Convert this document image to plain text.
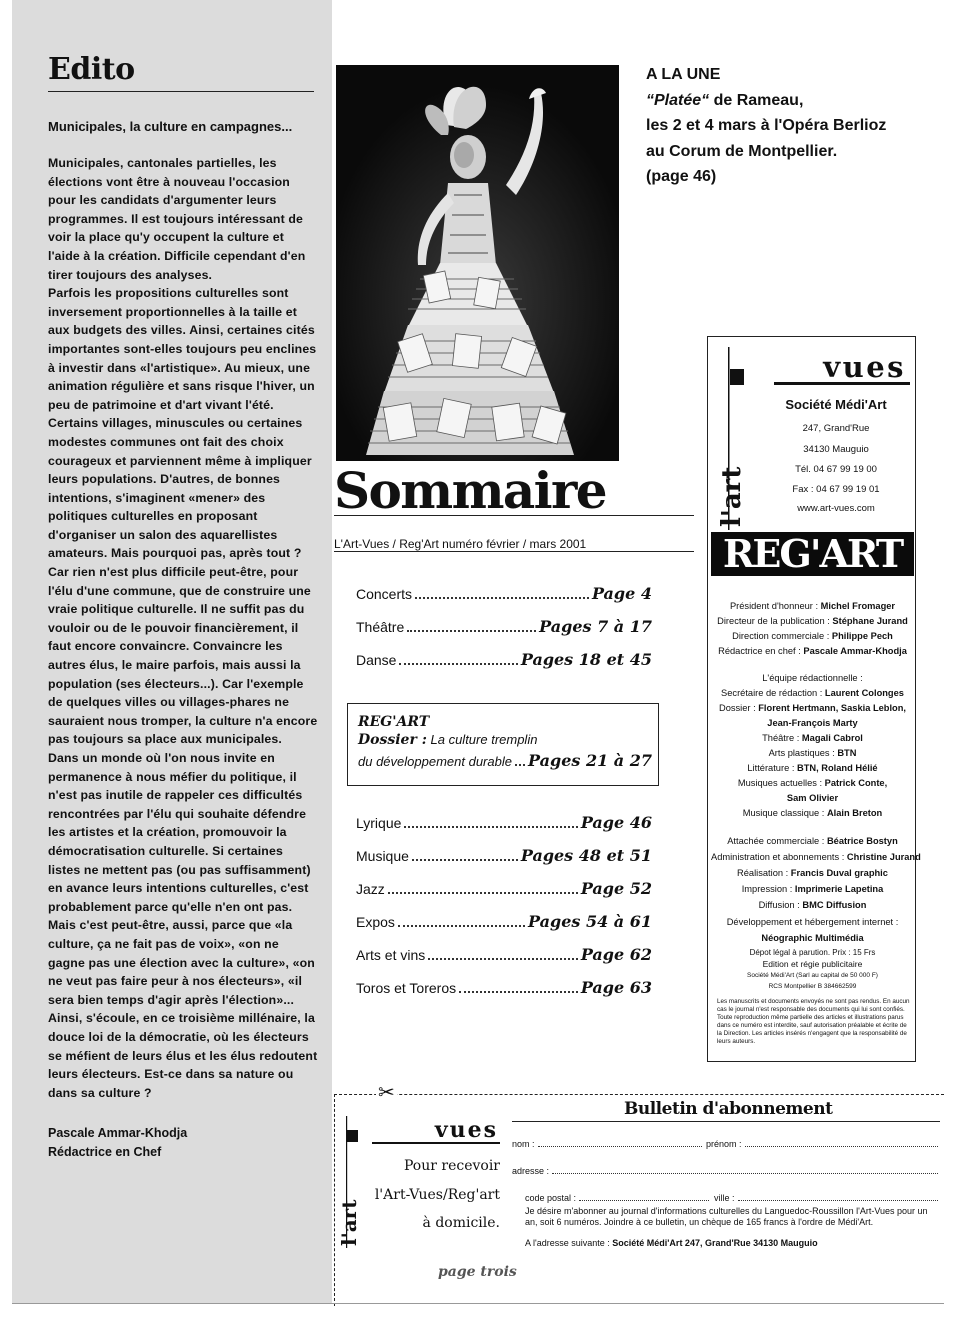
Edito
Municipales, la culture en campagnes...

Municipales, cantonales partielles, les élections vont être à nouveau l'occasion pour les candidats d'argumenter leurs programmes. Il est toujours intéressant de voir la place qu'y occupent la culture et l'aide à la création. Difficile cependant d'en tirer toujours des analyses.

Parfois les propositions culturelles sont inversement proportionnelles à la taille et aux budgets des villes. Ainsi, certaines cités importantes sont-elles toujours peu enclines à investir dans «l'artistique». Au mieux, une animation régulière et sans risque l'hiver, un peu de patrimoine et d'art vivant l'été. Certains villages, minuscules ou certaines modestes communes ont fait des choix courageux et parviennent même à impliquer leurs populations. D'autres, de bonnes intentions, s'imaginent «mener» des politiques culturelles en proposant d'organiser un salon des aquarellistes amateurs. Mais pourquoi pas, après tout ? Car rien n'est plus difficile peut-être, pour l'élu d'une commune, que de construire une vraie politique culturelle. Il ne suffit pas du vouloir ou de le pouvoir financièrement, il faut encore convaincre. Convaincre les autres élus, le maire parfois, mais aussi la population (ses électeurs...). Car l'exemple de quelques villes ou villages-phares ne sauraient nous tromper, la culture n'a encore pas toujours sa place aux municipales.

Dans un monde où l'on nous invite en permanence à nous méfier du politique, il n'est pas inutile de rappeler ces difficultés rencontrées par l'élu qui souhaite défendre les artistes et la création, promouvoir la démocratisation culturelle. Si certaines listes ne mettent pas (ou pas suffisamment) en avance leurs intentions culturelles, c'est probablement parce qu'elle n'en ont pas. Mais c'est peut-être, aussi, parce que «la culture, ça ne fait pas de voix», «on ne gagne pas une élection avec la culture», «on ne veut pas faire peur à nos électeurs», «il sera bien temps d'agir après l'élection»...

Ainsi, s'écoule, en ce troisième millénaire, la douce loi de la démocratie, où les électeurs se méfient de leurs élus et les élus redoutent leurs électeurs. Est-ce dans sa nature ou dans sa culture ?

Pascale Ammar-Khodja
Rédactrice en Chef
A LA UNE
“Platée“ de Rameau,
les 2 et 4 mars à l'Opéra Berlioz
au Corum de Montpellier.
(page 46)
Sommaire
L'Art-Vues / Reg'Art numéro février / mars 2001
Concerts	Page 4
Théâtre	Pages 7 à 17
Danse	Pages 18 et 45
REG'ART
Dossier : La culture tremplin
du développement durable Pages 21 à 27
Lyrique	Page 46
Musique	Pages 48 et 51
Jazz	Page 52
Expos	Pages 54 à 61
Arts et vins	Page 62
Toros et Toreros	Page 63
l'art
vues
Société Médi'Art
247, Grand'Rue
34130 Mauguio
Tél. 04 67 99 19 00
Fax : 04 67 99 19 01
www.art-vues.com
REG'ART
Président d'honneur : Michel Fromager
Directeur de la publication : Stéphane Jurand
Direction commerciale : Philippe Pech
Rédactrice en chef : Pascale Ammar-Khodja
L'équipe rédactionnelle :
Secrétaire de rédaction : Laurent Colonges
Dossier : Florent Hertmann, Saskia Leblon,
Jean-François Marty
Théâtre : Magali Cabrol
Arts plastiques : BTN
Littérature : BTN, Roland Hélié
Musiques actuelles : Patrick Conte,
Sam Olivier
Musique classique : Alain Breton
Attachée commerciale : Béatrice Bostyn
Administration et abonnements : Christine Jurand
Réalisation : Francis Duval graphic
Impression : Imprimerie Lapetina
Diffusion : BMC Diffusion
Développement et hébergement internet :
Néographic Multimédia
Dépot légal à parution. Prix : 15 Frs
Edition et régie publicitaire
Société Médi'Art (Sarl au capital de 50 000 F)
RCS Montpellier B 384662599
Les manuscrits et documents envoyés ne sont pas rendus. En aucun cas le journal n'est responsable des documents qui lui sont confiés. Toute reproduction même partielle des articles et illustrations parus dans ce numéro est interdite, sauf autorisation préalable et écrite de la Direction. Les articles insérés n'engagent que la responsabilité de leurs auteurs.
✂
l'art
vues
Pour recevoir
l'Art-Vues/Reg'art
à domicile.
Bulletin d'abonnement
nom :	prénom :
adresse :
code postal :	ville :
Je désire m'abonner au journal d'informations culturelles du Languedoc-Roussillon l'Art-Vues pour un an, soit 6 numéros. Joindre à ce bulletin, un chèque de 165 francs à l'ordre de Médi'Art.
A l'adresse suivante : Société Médi'Art 247, Grand'Rue 34130 Mauguio
page trois
